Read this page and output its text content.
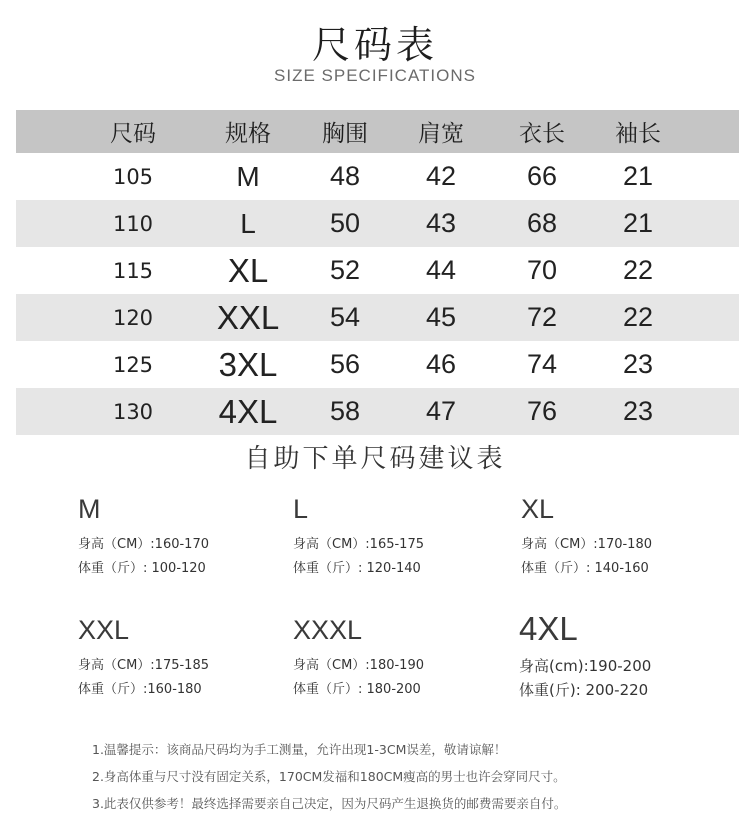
尺码表
SIZE SPECIFICATIONS
尺码	规格	胸围	肩宽	衣长	袖长
105	M	48	42	66	21
110	L	50	43	68	21
115	XL	52	44	70	22
120	XXL	54	45	72	22
125	3XL	56	46	74	23
130	4XL	58	47	76	23
自助下单尺码建议表
M
身高（CM）:160-170
体重（斤）: 100-120
L
身高（CM）:165-175
体重（斤）: 120-140
XL
身高（CM）:170-180
体重（斤）: 140-160
XXL
身高（CM）:175-185
体重（斤）:160-180
XXXL
身高（CM）:180-190
体重（斤）: 180-200
4XL
身高(cm):190-200
体重(斤): 200-220
1.温馨提示：该商品尺码均为手工测量，允许出现1-3CM误差，敬请谅解！
2.身高体重与尺寸没有固定关系，170CM发福和180CM瘦高的男士也许会穿同尺寸。
3.此表仅供参考！最终选择需要亲自己决定，因为尺码产生退换货的邮费需要亲自付。
